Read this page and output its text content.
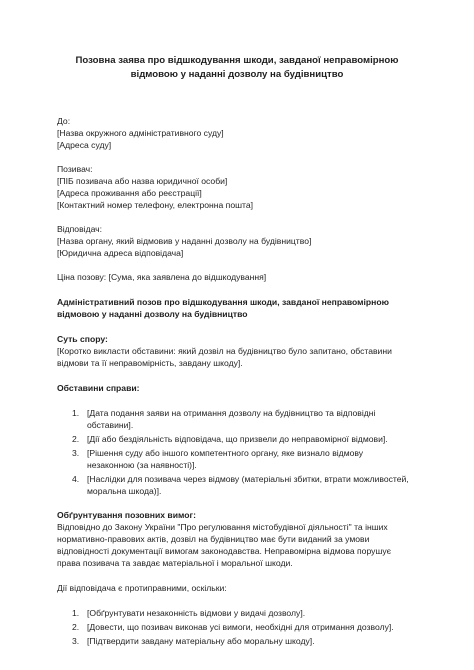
Позовна заява про відшкодування шкоди, завданої неправомірною
відмовою у наданні дозволу на будівництво
До:
[Назва окружного адміністративного суду]
[Адреса суду]
Позивач:
[ПІБ позивача або назва юридичної особи]
[Адреса проживання або реєстрації]
[Контактний номер телефону, електронна пошта]
Відповідач:
[Назва органу, який відмовив у наданні дозволу на будівництво]
[Юридична адреса відповідача]
Ціна позову: [Сума, яка заявлена до відшкодування]
Адміністративний позов про відшкодування шкоди, завданої неправомірною
відмовою у наданні дозволу на будівництво
Суть спору:
[Коротко викласти обставини: який дозвіл на будівництво було запитано, обставини
відмови та її неправомірність, завдану шкоду].
Обставини справи:
1. [Дата подання заяви на отримання дозволу на будівництво та відповідні
обставини].
2. [Дії або бездіяльність відповідача, що призвели до неправомірної відмови].
3. [Рішення суду або іншого компетентного органу, яке визнало відмову
незаконною (за наявності)].
4. [Наслідки для позивача через відмову (матеріальні збитки, втрати можливостей,
моральна шкода)].
Обґрунтування позовних вимог:
Відповідно до Закону України "Про регулювання містобудівної діяльності" та інших
нормативно-правових актів, дозвіл на будівництво має бути виданий за умови
відповідності документації вимогам законодавства. Неправомірна відмова порушує
права позивача та завдає матеріальної і моральної шкоди.
Дії відповідача є протиправними, оскільки:
1. [Обґрунтувати незаконність відмови у видачі дозволу].
2. [Довести, що позивач виконав усі вимоги, необхідні для отримання дозволу].
3. [Підтвердити завдану матеріальну або моральну шкоду].
